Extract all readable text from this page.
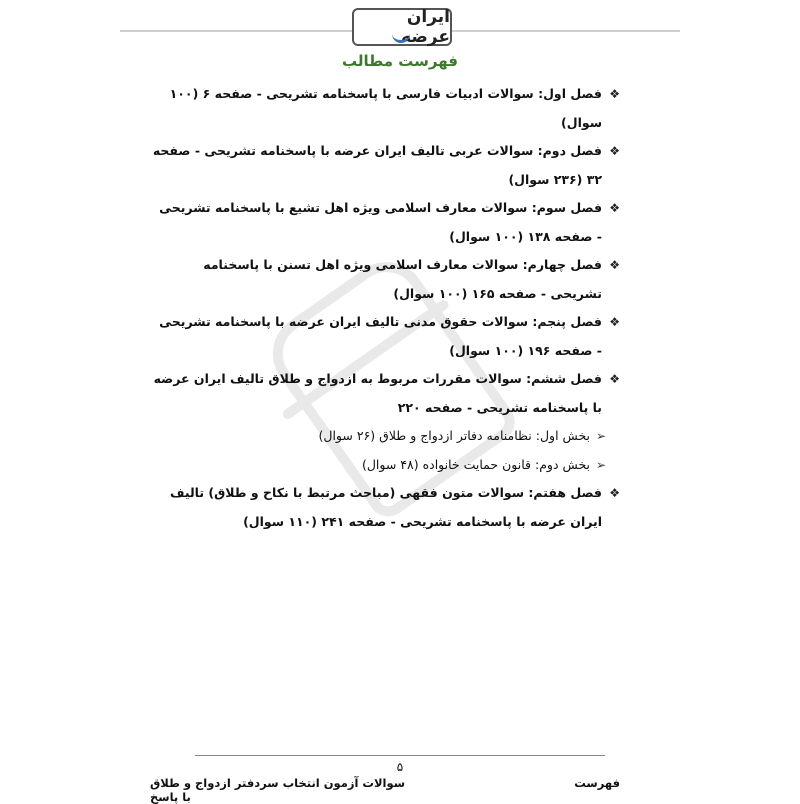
ایران عرضه
فهرست مطالب
❖
فصل اول: سوالات ادبیات فارسی با پاسخنامه تشریحی - صفحه ۶ (۱۰۰ سوال)
❖
فصل دوم: سوالات عربی تالیف ایران عرضه با پاسخنامه تشریحی - صفحه ۳۲ (۲۳۶ سوال)
❖
فصل سوم: سوالات معارف اسلامی ویژه اهل تشیع با پاسخنامه تشریحی - صفحه ۱۳۸ (۱۰۰ سوال)
❖
فصل چهارم: سوالات معارف اسلامی ویژه اهل تسنن با پاسخنامه تشریحی - صفحه ۱۶۵ (۱۰۰ سوال)
❖
فصل پنجم: سوالات حقوق مدنی تالیف ایران عرضه با پاسخنامه تشریحی - صفحه ۱۹۶ (۱۰۰ سوال)
❖
فصل ششم: سوالات مقررات مربوط به ازدواج و طلاق تالیف ایران عرضه با پاسخنامه تشریحی - صفحه ۲۲۰
➢
بخش اول: نظامنامه دفاتر ازدواج و طلاق (۲۶ سوال)
➢
بخش دوم: قانون حمایت خانواده (۴۸ سوال)
❖
فصل هفتم: سوالات متون فقهی (مباحث مرتبط با نکاح و طلاق) تالیف ایران عرضه با پاسخنامه تشریحی - صفحه ۲۴۱ (۱۱۰ سوال)
۵
فهرست
سوالات آزمون انتخاب سردفتر ازدواج و طلاق با پاسخ
